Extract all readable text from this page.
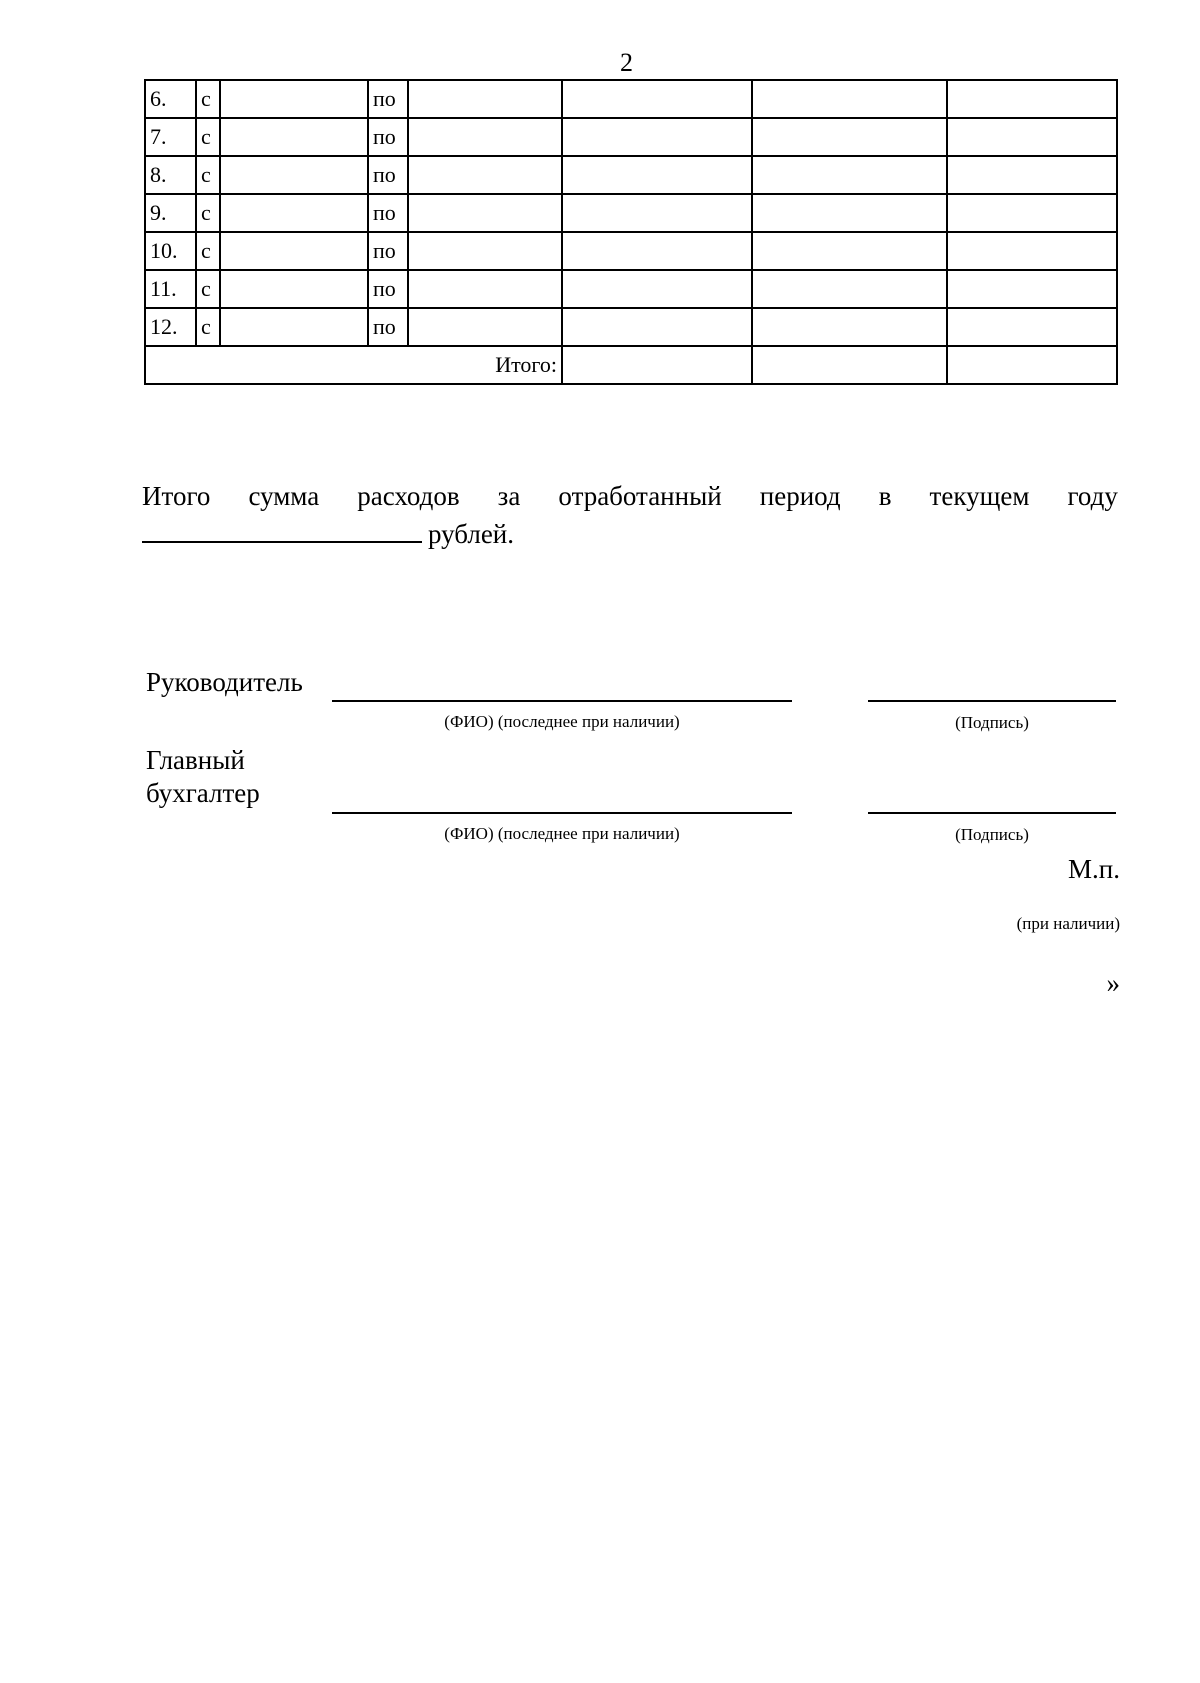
2
6.	с		по				
7.	с		по				
8.	с		по				
9.	с		по				
10.	с		по				
11.	с		по				
12.	с		по				
Итого:							
Итого сумма расходов за отработанный период в текущем году
рублей.
Руководитель
(ФИО) (последнее при наличии)	(Подпись)
Главный
бухгалтер
(ФИО) (последнее при наличии)	(Подпись)
М.п.
(при наличии)
»
